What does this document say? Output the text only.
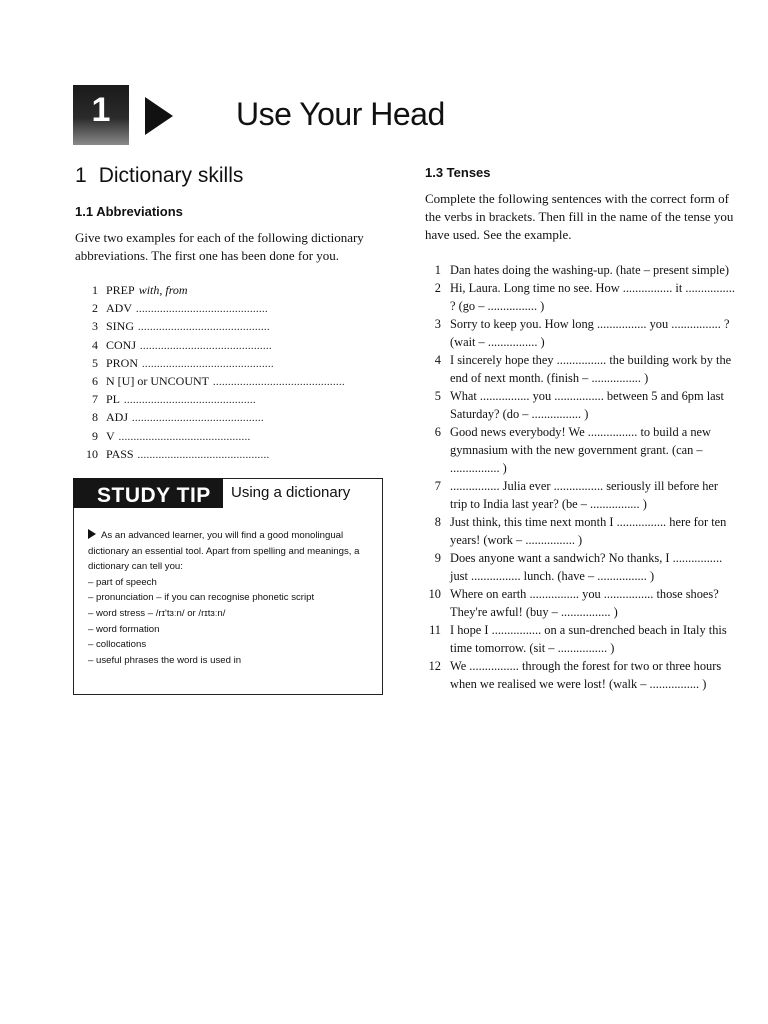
1	Use Your Head
1 Dictionary skills
1.1 Abbreviations
Give two examples for each of the following dictionary abbreviations. The first one has been done for you.
1 PREP with, from
2 ADV ............................................
3 SING ............................................
4 CONJ ............................................
5 PRON ............................................
6 N [U] or UNCOUNT ............................................
7 PL ............................................
8 ADJ ............................................
9 V ............................................
10 PASS ............................................
STUDY TIP	Using a dictionary
As an advanced learner, you will find a good monolingual dictionary an essential tool. Apart from spelling and meanings, a dictionary can tell you:
– part of speech
– pronunciation – if you can recognise phonetic script
– word stress – /rɪ'tɜːn/ or /rɪtɜːn/
– word formation
– collocations
– useful phrases the word is used in
1.3 Tenses
Complete the following sentences with the correct form of the verbs in brackets. Then fill in the name of the tense you have used. See the example.
1 Dan hates doing the washing-up. (hate – present simple)
2 Hi, Laura. Long time no see. How ................ it ................ ? (go – ................ )
3 Sorry to keep you. How long ................ you ................ ? (wait – ................ )
4 I sincerely hope they ................ the building work by the end of next month. (finish – ................ )
5 What ................ you ................ between 5 and 6pm last Saturday? (do – ................ )
6 Good news everybody! We ................ to build a new gymnasium with the new government grant. (can – ................ )
7 ................ Julia ever ................ seriously ill before her trip to India last year? (be – ................ )
8 Just think, this time next month I ................ here for ten years! (work – ................ )
9 Does anyone want a sandwich? No thanks, I ................ just ................ lunch. (have – ................ )
10 Where on earth ................ you ................ those shoes? They're awful! (buy – ................ )
11 I hope I ................ on a sun-drenched beach in Italy this time tomorrow. (sit – ................ )
12 We ................ through the forest for two or three hours when we realised we were lost! (walk – ................ )
